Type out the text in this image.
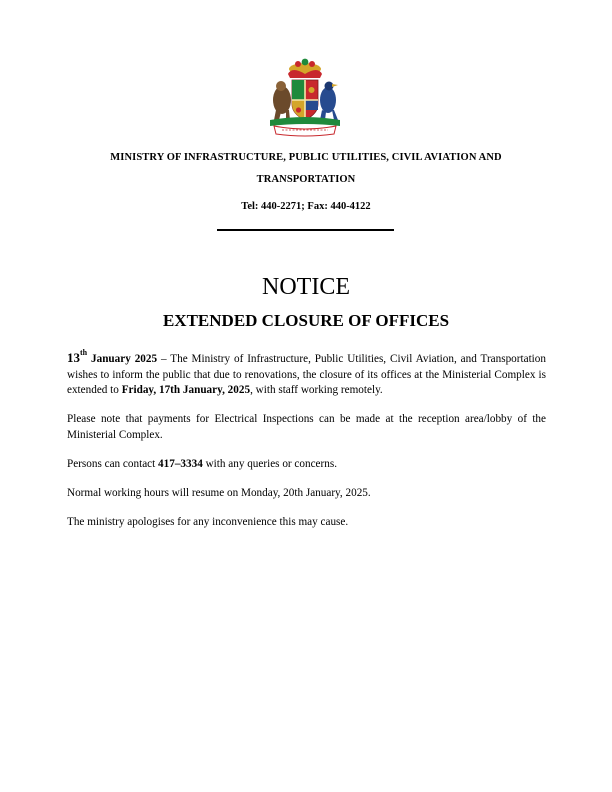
MINISTRY OF INFRASTRUCTURE, PUBLIC UTILITIES, CIVIL AVIATION AND
TRANSPORTATION
Tel: 440-2271; Fax: 440-4122
NOTICE
EXTENDED CLOSURE OF OFFICES

13th January 2025 – The Ministry of Infrastructure, Public Utilities, Civil Aviation, and Transportation wishes to inform the public that due to renovations, the closure of its offices at the Ministerial Complex is extended to Friday, 17th January, 2025, with staff working remotely.

Please note that payments for Electrical Inspections can be made at the reception area/lobby of the Ministerial Complex.

Persons can contact 417–3334 with any queries or concerns.

Normal working hours will resume on Monday, 20th January, 2025.

The ministry apologises for any inconvenience this may cause.
